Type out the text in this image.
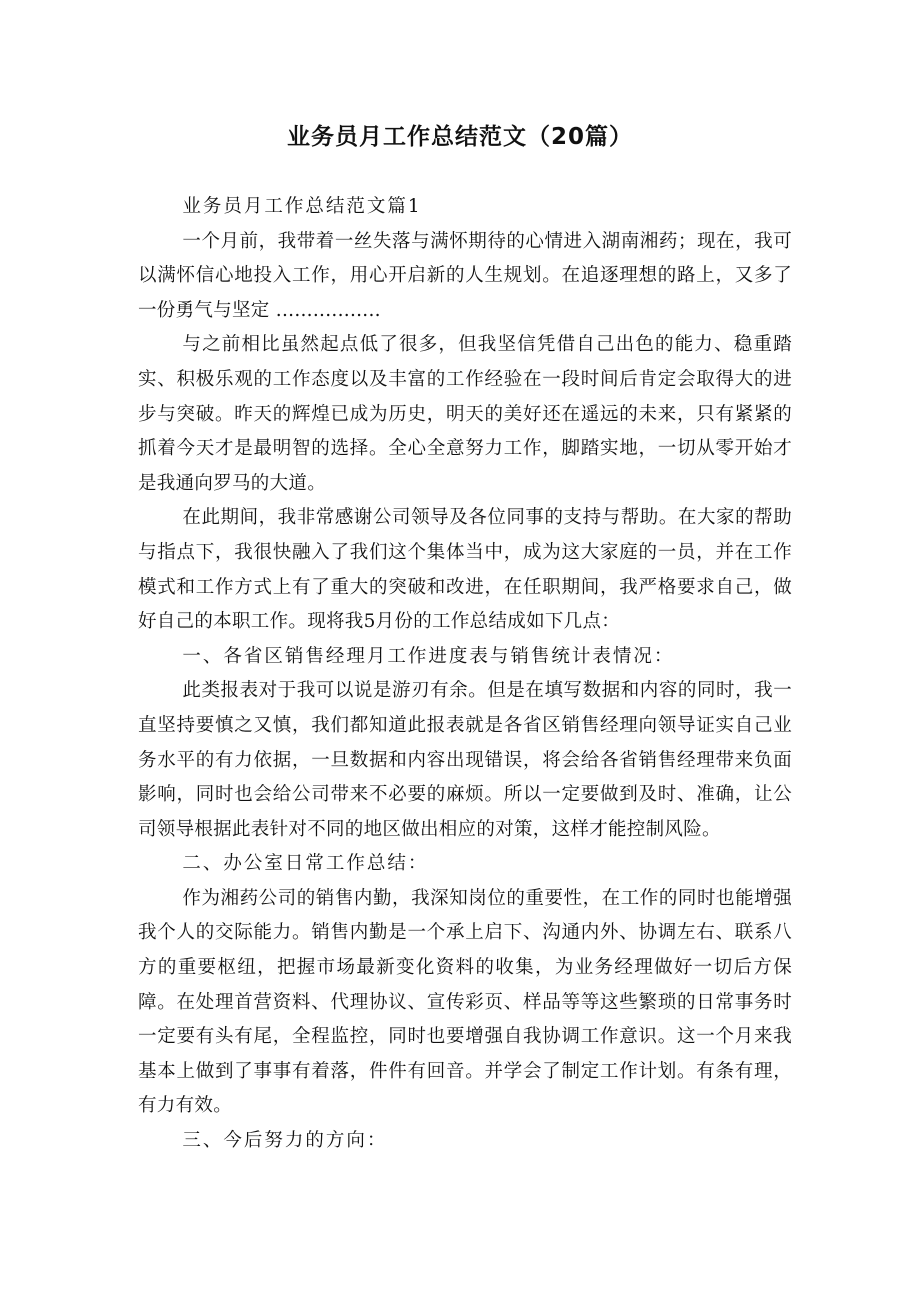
业务员月工作总结范文（20篇）

业务员月工作总结范文篇1

一个月前，我带着一丝失落与满怀期待的心情进入湖南湘药；现在，我可以满怀信心地投入工作，用心开启新的人生规划。在追逐理想的路上，又多了一份勇气与坚定 .................

与之前相比虽然起点低了很多，但我坚信凭借自己出色的能力、稳重踏实、积极乐观的工作态度以及丰富的工作经验在一段时间后肯定会取得大的进步与突破。昨天的辉煌已成为历史，明天的美好还在遥远的未来，只有紧紧的抓着今天才是最明智的选择。全心全意努力工作，脚踏实地，一切从零开始才是我通向罗马的大道。

在此期间，我非常感谢公司领导及各位同事的支持与帮助。在大家的帮助与指点下，我很快融入了我们这个集体当中，成为这大家庭的一员，并在工作模式和工作方式上有了重大的突破和改进，在任职期间，我严格要求自己，做好自己的本职工作。现将我5月份的工作总结成如下几点：

一、各省区销售经理月工作进度表与销售统计表情况：

此类报表对于我可以说是游刃有余。但是在填写数据和内容的同时，我一直坚持要慎之又慎，我们都知道此报表就是各省区销售经理向领导证实自己业务水平的有力依据，一旦数据和内容出现错误，将会给各省销售经理带来负面影响，同时也会给公司带来不必要的麻烦。所以一定要做到及时、准确，让公司领导根据此表针对不同的地区做出相应的对策，这样才能控制风险。

二、办公室日常工作总结：

作为湘药公司的销售内勤，我深知岗位的重要性，在工作的同时也能增强我个人的交际能力。销售内勤是一个承上启下、沟通内外、协调左右、联系八方的重要枢纽，把握市场最新变化资料的收集，为业务经理做好一切后方保障。在处理首营资料、代理协议、宣传彩页、样品等等这些繁琐的日常事务时一定要有头有尾，全程监控，同时也要增强自我协调工作意识。这一个月来我基本上做到了事事有着落，件件有回音。并学会了制定工作计划。有条有理，有力有效。

三、今后努力的方向：
